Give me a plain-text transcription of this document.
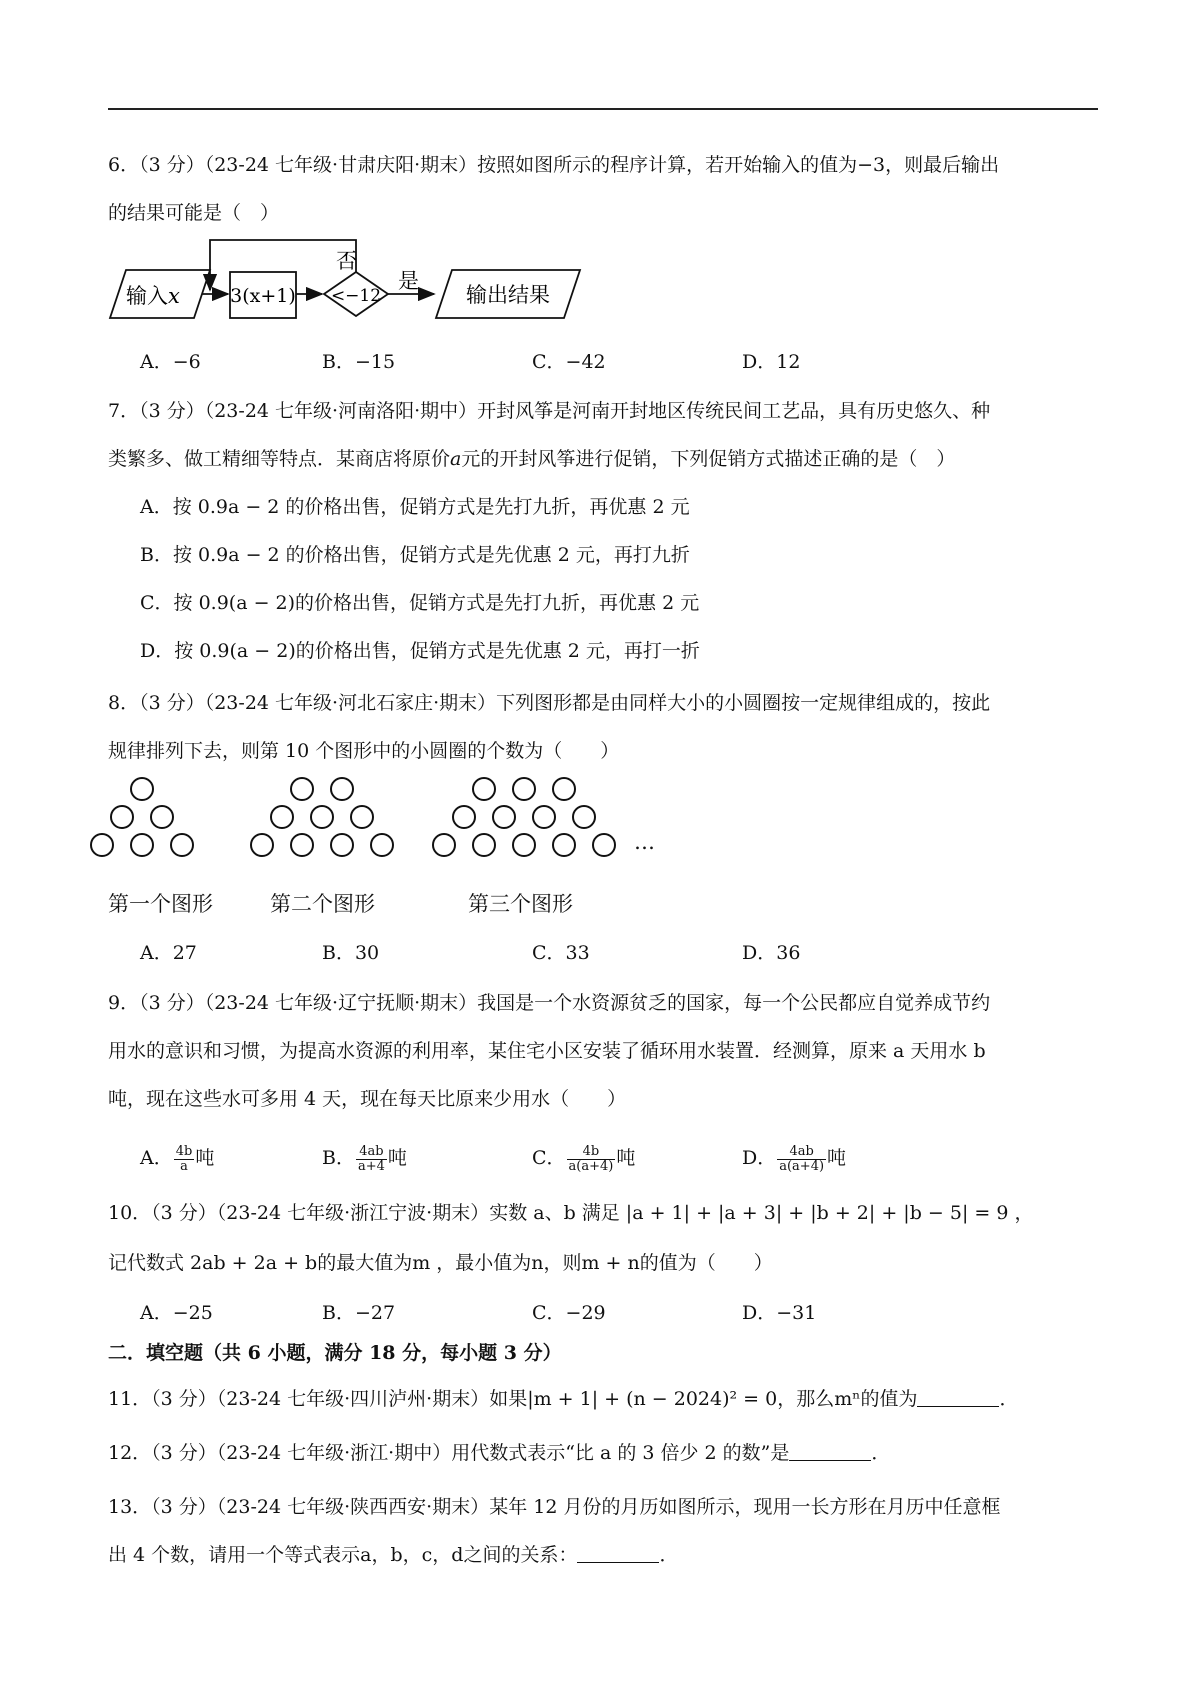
6．（3 分）（23-24 七年级·甘肃庆阳·期末）按照如图所示的程序计算，若开始输入的值为−3，则最后输出
的结果可能是（　）
输入x	3(x+1) <−12
否
是
输出结果
A．−6	B．−15	C．−42	D．12
7．（3 分）（23-24 七年级·河南洛阳·期中）开封风筝是河南开封地区传统民间工艺品，具有历史悠久、种
类繁多、做工精细等特点．某商店将原价a元的开封风筝进行促销，下列促销方式描述正确的是（　）
A．按 0.9a − 2 的价格出售，促销方式是先打九折，再优惠 2 元
B．按 0.9a − 2 的价格出售，促销方式是先优惠 2 元，再打九折
C．按 0.9(a − 2)的价格出售，促销方式是先打九折，再优惠 2 元
D．按 0.9(a − 2)的价格出售，促销方式是先优惠 2 元，再打一折
8．（3 分）（23-24 七年级·河北石家庄·期末）下列图形都是由同样大小的小圆圈按一定规律组成的，按此
规律排列下去，则第 10 个图形中的小圆圈的个数为（　　）
…
第一个图形	第二个图形	第三个图形
A．27	B．30	C．33	D．36
9．（3 分）（23-24 七年级·辽宁抚顺·期末）我国是一个水资源贫乏的国家，每一个公民都应自觉养成节约
用水的意识和习惯，为提高水资源的利用率，某住宅小区安装了循环用水装置．经测算，原来 a 天用水 b
吨，现在这些水可多用 4 天，现在每天比原来少用水（　　）
A． $\frac{4b}{a}$ 吨	B． $\frac{4ab}{a+4}$ 吨	C． $\frac{4b}{a(a+4)}$ 吨	D． $\frac{4ab}{a(a+4)}$ 吨
10．（3 分）（23-24 七年级·浙江宁波·期末）实数 a、b 满足 |a + 1| + |a + 3| + |b + 2| + |b − 5| = 9 ，
记代数式 2ab + 2a + b的最大值为m ，最小值为n，则m + n的值为（　　）
A．−25	B．−27	C．−29	D．−31
二．填空题（共 6 小题，满分 18 分，每小题 3 分）
11．（3 分）（23-24 七年级·四川泸州·期末）如果|m + 1| + (n − 2024)² = 0，那么mⁿ的值为	．
12．（3 分）（23-24 七年级·浙江·期中）用代数式表示“比 a 的 3 倍少 2 的数”是	．
13．（3 分）（23-24 七年级·陕西西安·期末）某年 12 月份的月历如图所示，现用一长方形在月历中任意框
出 4 个数，请用一个等式表示a，b，c，d之间的关系：	．
